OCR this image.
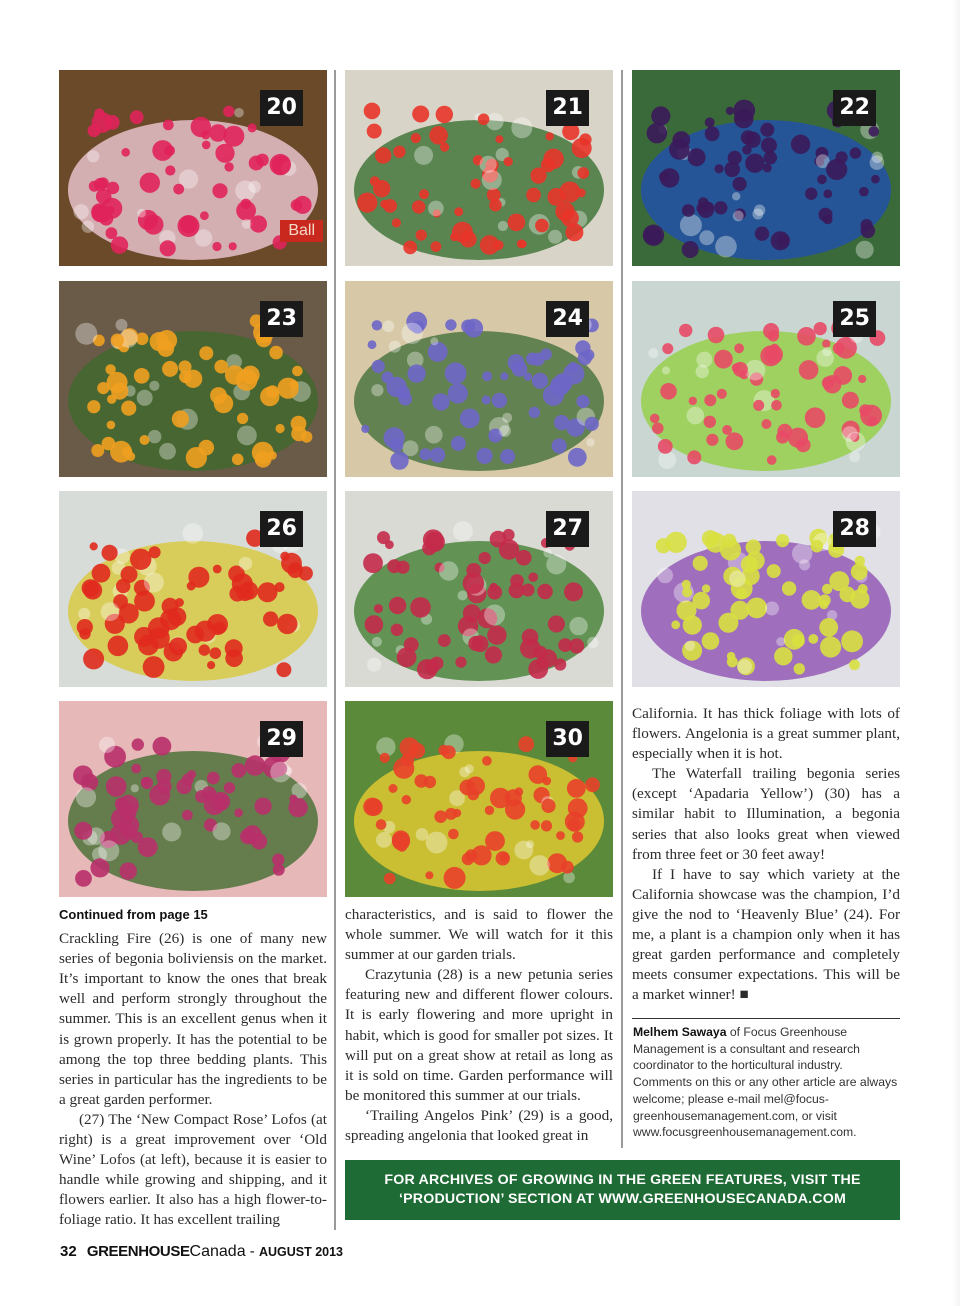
Ball
20	21	22
23	24	25
26	27	28
29	30
Continued from page 15

Crackling Fire (26) is one of many new series of begonia boliviensis on the market. It’s important to know the ones that break well and perform strongly throughout the summer. This is an excellent genus when it is grown properly. It has the potential to be among the top three bedding plants. This series in particular has the ingredients to be a great garden performer.

(27) The ‘New Compact Rose’ Lofos (at right) is a great improvement over ‘Old Wine’ Lofos (at left), because it is easier to handle while growing and shipping, and it flowers earlier. It also has a high flower-to-foliage ratio. It has excellent trailing

characteristics, and is said to flower the whole summer. We will watch for it this summer at our garden trials.

Crazytunia (28) is a new petunia series featuring new and different flower colours. It is early flowering and more upright in habit, which is good for smaller pot sizes. It will put on a great show at retail as long as it is sold on time. Garden performance will be monitored this summer at our trials.

‘Trailing Angelos Pink’ (29) is a good, spreading angelonia that looked great in

California. It has thick foliage with lots of flowers. Angelonia is a great summer plant, especially when it is hot.

The Waterfall trailing begonia series (except ‘Apadaria Yellow’) (30) has a similar habit to Illumination, a begonia series that also looks great when viewed from three feet or 30 feet away!

If I have to say which variety at the California showcase was the champion, I’d give the nod to ‘Heavenly Blue’ (24). For me, a plant is a champion only when it has great garden performance and completely meets consumer expectations. This will be a market winner! ■

Melhem Sawaya of Focus Greenhouse Management is a consultant and research coordinator to the horticultural industry. Comments on this or any other article are always welcome; please e-mail mel@focus-greenhousemanagement.com, or visit www.focusgreenhousemanagement.com.
FOR ARCHIVES OF GROWING IN THE GREEN FEATURES, VISIT THE
‘PRODUCTION’ SECTION AT WWW.GREENHOUSECANADA.COM
32 GREENHOUSECanada - AUGUST 2013
